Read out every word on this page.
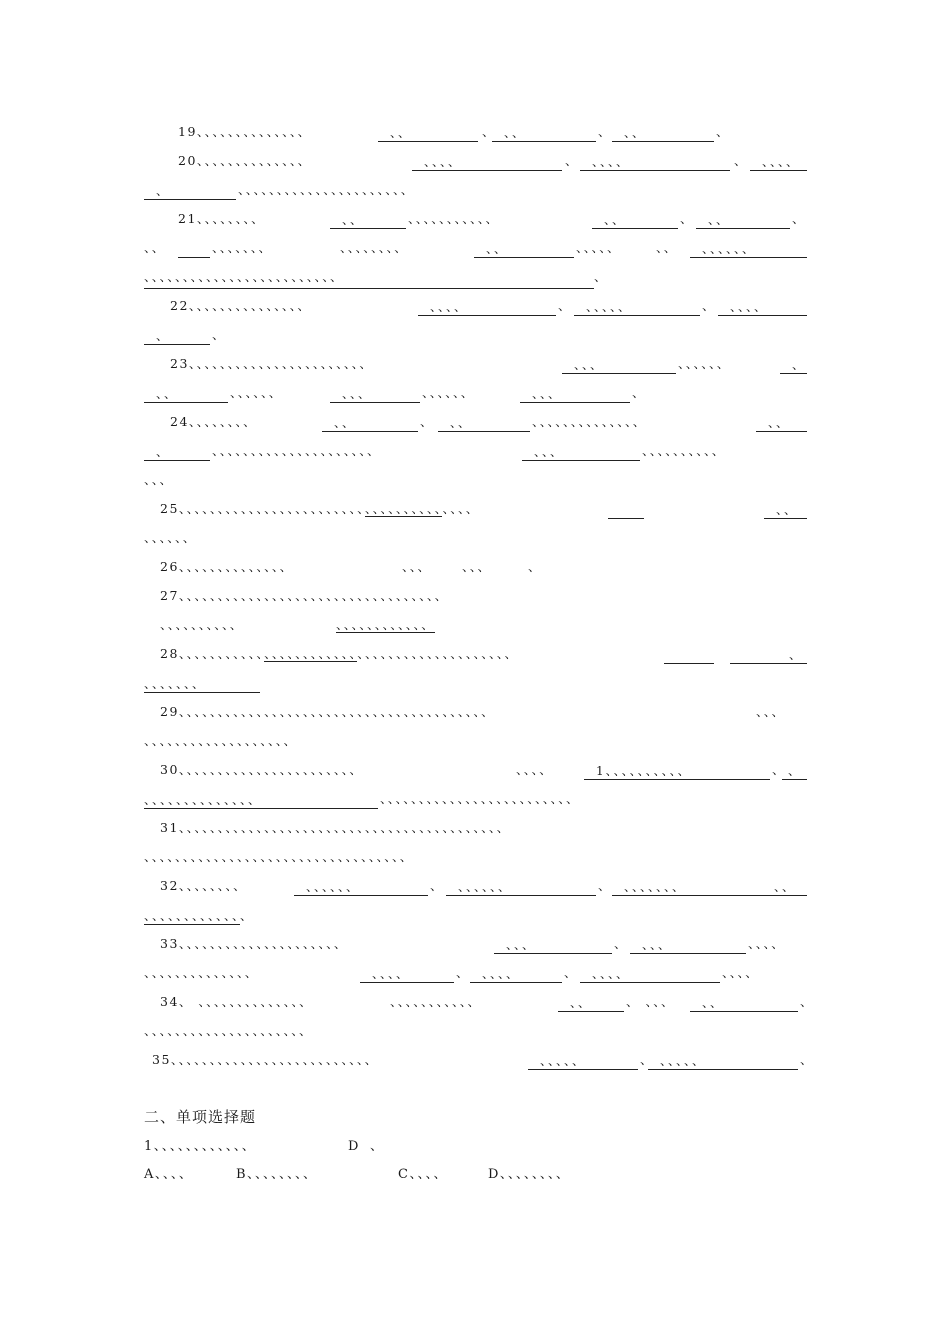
19、、、、、、、、、、、、、、	、、	、 、、	、 、、	、
20、、、、、、、、、、、、、、	、、、、	、	、、、、	、	、、、、
、	、、、、、、、、、、、、、、、、、、、、、、
21、、、、、、、、	、、	、、、、、、、、、、、	、、	、	、、	、
、、	、、、、、、、	、、、、、、、、	、、	、、、、、	、、	、、、、、、
、、、、、、、、、、、、、、、、、、、、、、、、、	、
22、、、、、、、、、、、、、、、	、、、、	、	、、、、、	、	、、、、
、	、
23、、、、、、、、、、、、、、、、、、、、、、、	、、、	、、、、、、	、
、、	、、、、、、	、、、	、、、、、、	、、、	、
24、、、、、、、、	、、	、	、、	、、、、、、、、、、、、、、	、、
、	、、、、、、、、、、、、、、、、、、、、、	、、、	、、、、、、、、、、
、、、
25、、、、、、、、、、、、、、、、、、、、、、、、、、、、、、、、、、、、、、	、、
、、、、、、
26、、、、、、、、、、、、、、	、、、 、、、	、
27、、、、、、、、、、、、、、、、、、、、、、、、、、、、、、、、、、
、、、、、、、、、、	、、、、、、、、、、、、
28、、、、、、、、、、、、、、、、、、、、、、、、、、、、、、、、、、、、、、、、、、、	、
、、、、、、、
29、、、、、、、、、、、、、、、、、、、、、、、、、、、、、、、、、、、、、、、、	、、、
、、、、、、、、、、、、、、、、、、、
30、、、、、、、、、、、、、、、、、、、、、、、	、、、、	1、、、、、、、、、、	、 、
、、、、、、、、、、、、、、	、、、、、、、、、、、、、、、、、、、、、、、、、
31、、、、、、、、、、、、、、、、、、、、、、、、、、、、、、、、、、、、、、、、、、
、、、、、、、、、、、、、、、、、、、、、、、、、、、、、、、、、、
32、、、、、、、、	、、、、、、	、	、、、、、、	、 、、、、、、、	、、
、、、、、、、、、、、、、
33、、、、、、、、、、、、、、、、、、、、、	、、、	、	、、、	、、、、
、、、、、、、、、、、、、、	、、、、	、 、、、、	、	、、、、	、、、、
34、 、、、、、、、、、、、、、、	、、、、、、、、、、、	、、	、 、、、	、、	、
、、、、、、、、、、、、、、、、、、、、、
35、、、、、、、、、、、、、、、、、、、、、、、、、、	、、、、、	、 、、、、、	、
二、单项选择题
1、、、、、、、、、、、、	D 、
A、、、、	B、、、、、、、、	C、、、、	D、、、、、、、、
